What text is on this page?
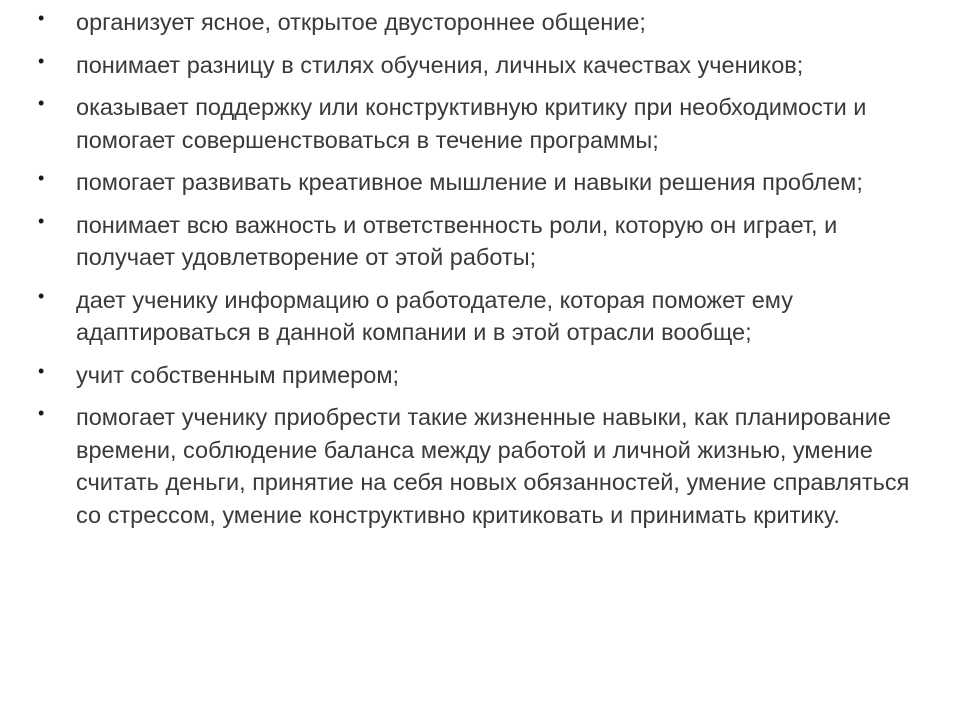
• организует ясное, открытое двустороннее общение;
• понимает разницу в стилях обучения, личных качествах учеников;
• оказывает поддержку или конструктивную критику при необходимости и помогает совершенствоваться в течение программы;
• помогает развивать креативное мышление и навыки решения проблем;
• понимает всю важность и ответственность роли, которую он играет, и получает удовлетворение от этой работы;
• дает ученику информацию о работодателе, которая поможет ему адаптироваться в данной компании и в этой отрасли вообще;
• учит собственным примером;
• помогает ученику приобрести такие жизненные навыки, как планирование времени, соблюдение баланса между работой и личной жизнью, умение считать деньги, принятие на себя новых обязанностей, умение справляться со стрессом, умение конструктивно критиковать и принимать критику.
